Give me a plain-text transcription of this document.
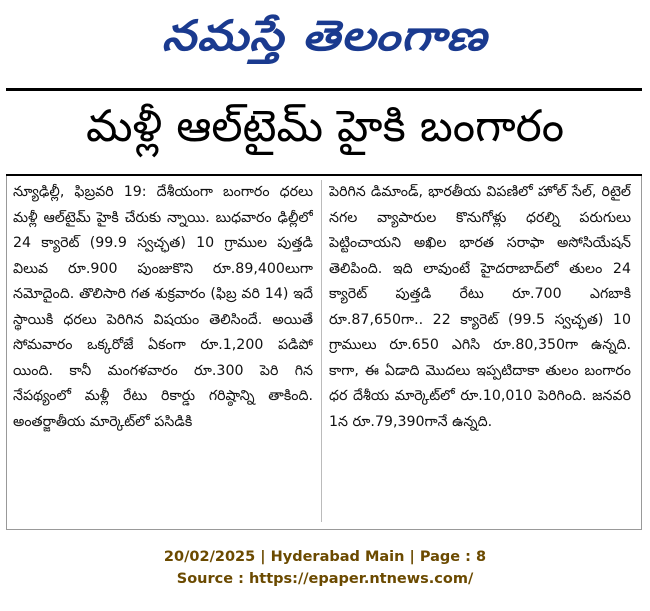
నమస్తే తెలంగాణ
మళ్లీ ఆల్‌టైమ్‌ హైకి బంగారం

న్యూఢిల్లీ, ఫిబ్రవరి 19: దేశీయంగా బంగారం ధరలు మళ్లీ ఆల్‌టైమ్‌ హైకి చేరుకు న్నాయి. బుధవారం ఢిల్లీలో 24 క్యారెట్‌ (99.9 స్వచ్ఛత) 10 గ్రాముల పుత్తడి విలువ రూ.900 పుంజుకొని రూ.89,400లుగా నమోదైంది. తొలిసారి గత శుక్రవారం (ఫిబ్ర వరి 14) ఇదే స్థాయికి ధరలు పెరిగిన విషయం తెలిసిందే. అయితే సోమవారం ఒక్కరోజే ఏకంగా రూ.1,200 పడిపో యింది. కానీ మంగళవారం రూ.300 పెరి గిన నేపథ్యంలో మళ్లీ రేటు రికార్డు గరిష్ఠాన్ని తాకింది. అంతర్జాతీయ మార్కెట్‌లో పసిడికి

పెరిగిన డిమాండ్‌, భారతీయ విపణిలో హోల్‌ సేల్‌, రిటైల్‌ నగల వ్యాపారుల కొనుగోళ్లు ధరల్ని పరుగులు పెట్టించాయని అఖిల భారత సరాఫా అసోసియేషన్‌ తెలిపింది. ఇది లావుంటే హైదరాబాద్‌లో తులం 24 క్యారెట్‌ పుత్తడి రేటు రూ.700 ఎగబాకి రూ.87,650గా.. 22 క్యారెట్‌ (99.5 స్వచ్ఛత) 10 గ్రాములు రూ.650 ఎగిసి రూ.80,350గా ఉన్నది. కాగా, ఈ ఏడాది మొదలు ఇప్పటిదాకా తులం బంగారం ధర దేశీయ మార్కెట్‌లో రూ.10,010 పెరిగింది. జనవరి 1న రూ.79,390గానే ఉన్నది.

20/02/2025 | Hyderabad Main | Page : 8
Source : https://epaper.ntnews.com/
